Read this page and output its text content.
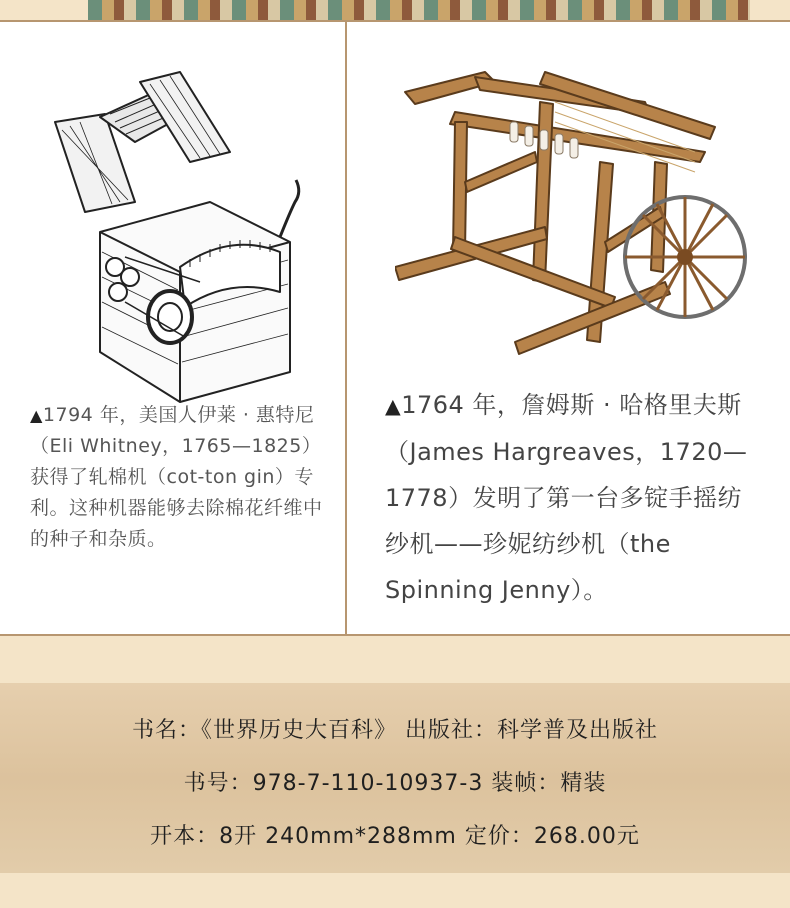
▲1794 年，美国人伊莱 · 惠特尼（Eli Whitney，1765—1825）获得了轧棉机（cot-ton gin）专利。这种机器能够去除棉花纤维中的种子和杂质。
▲1764 年，詹姆斯 · 哈格里夫斯（James Hargreaves，1720—1778）发明了第一台多锭手摇纺纱机——珍妮纺纱机（the Spinning Jenny）。
书名：《世界历史大百科》 出版社：科学普及出版社
书号：978-7-110-10937-3 装帧：精装
开本：8开 240mm*288mm 定价：268.00元
